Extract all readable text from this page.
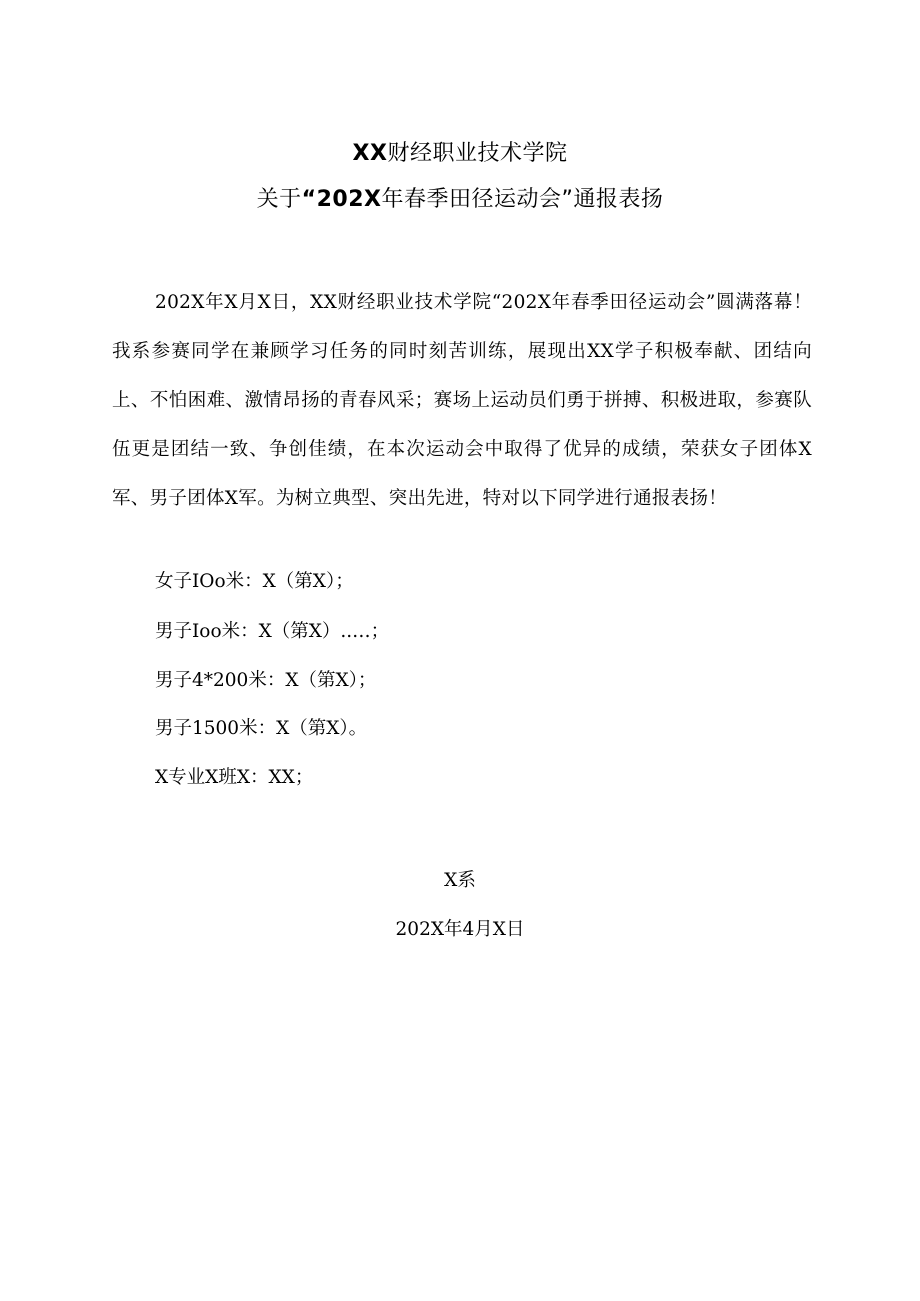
XX财经职业技术学院
关于“202X年春季田径运动会”通报表扬
202X年X月X日，XX财经职业技术学院“202X年春季田径运动会”圆满落幕！我系参赛同学在兼顾学习任务的同时刻苦训练，展现出XX学子积极奉献、团结向上、不怕困难、激情昂扬的青春风采；赛场上运动员们勇于拼搏、积极进取，参赛队伍更是团结一致、争创佳绩，在本次运动会中取得了优异的成绩，荣获女子团体X军、男子团体X军。为树立典型、突出先进，特对以下同学进行通报表扬！
女子IOo米：X（第X）；
男子Ioo米：X（第X）..…；
男子4*200米：X（第X）；
男子1500米：X（第X）。
X专业X班X：XX；
X系
202X年4月X日
